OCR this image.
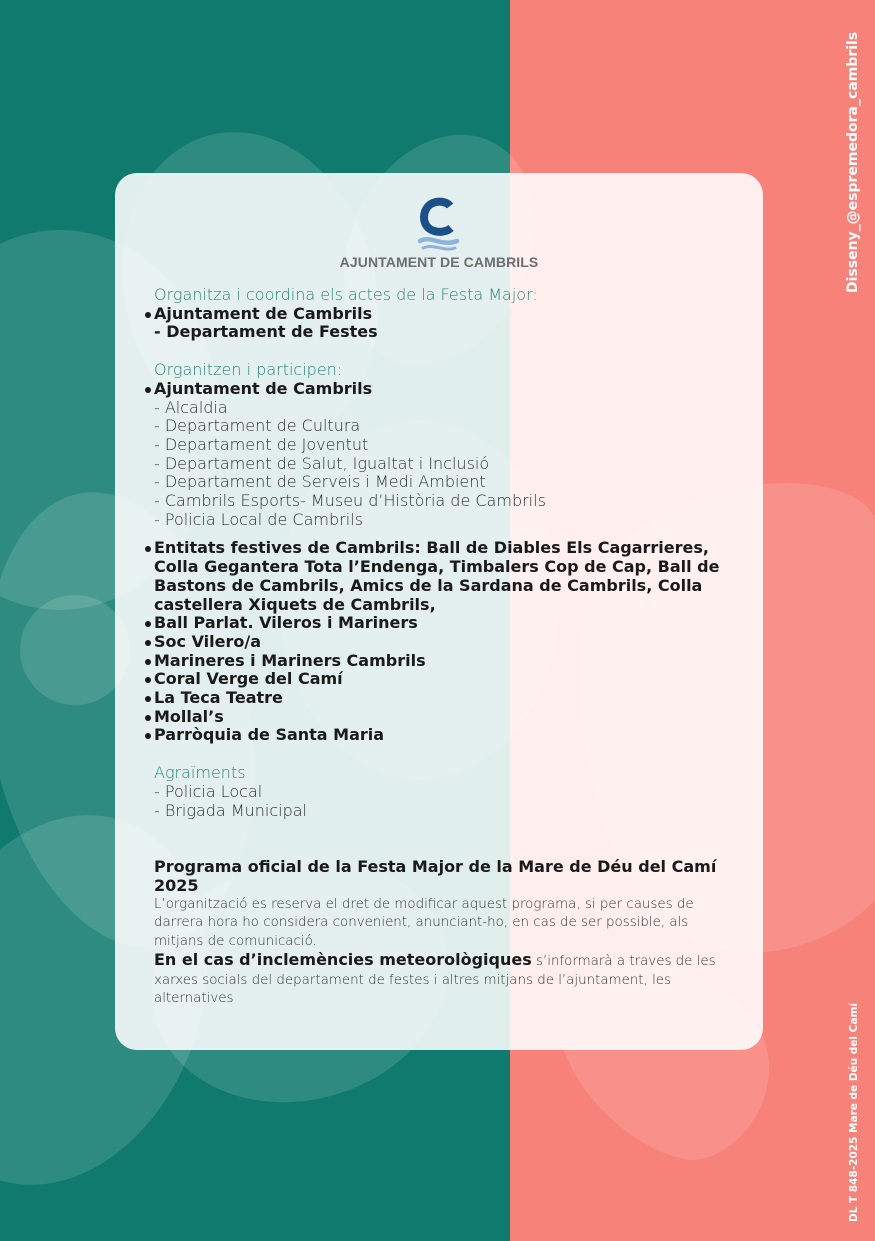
AJUNTAMENT DE CAMBRILS
Organitza i coordina els actes de la Festa Major:
Ajuntament de Cambrils
- Departament de Festes
Organitzen i participen:
Ajuntament de Cambrils
- Alcaldia
- Departament de Cultura
- Departament de Joventut
- Departament de Salut, Igualtat i Inclusió
- Departament de Serveis i Medi Ambient
- Cambrils Esports- Museu d’Història de Cambrils
- Policia Local de Cambrils
Entitats festives de Cambrils: Ball de Diables Els Cagarrieres, Colla Gegantera Tota l’Endenga, Timbalers Cop de Cap, Ball de Bastons de Cambrils, Amics de la Sardana de Cambrils, Colla castellera Xiquets de Cambrils,
Ball Parlat. Vileros i Mariners
Soc Vilero/a
Marineres i Mariners Cambrils
Coral Verge del Camí
La Teca Teatre
Mollal’s
Parròquia de Santa Maria
Agraïments
- Policia Local
- Brigada Municipal
Programa oficial de la Festa Major de la Mare de Déu del Camí 2025
L’organització es reserva el dret de modificar aquest programa, si per causes de darrera hora ho considera convenient, anunciant-ho, en cas de ser possible, als mitjans de comunicació.
En el cas d’inclemències meteorològiques s’informarà a traves de les xarxes socials del departament de festes i altres mitjans de l’ajuntament, les alternatives
Disseny_@espremedora_cambrils
DL T 848-2025 Mare de Déu del Camí
